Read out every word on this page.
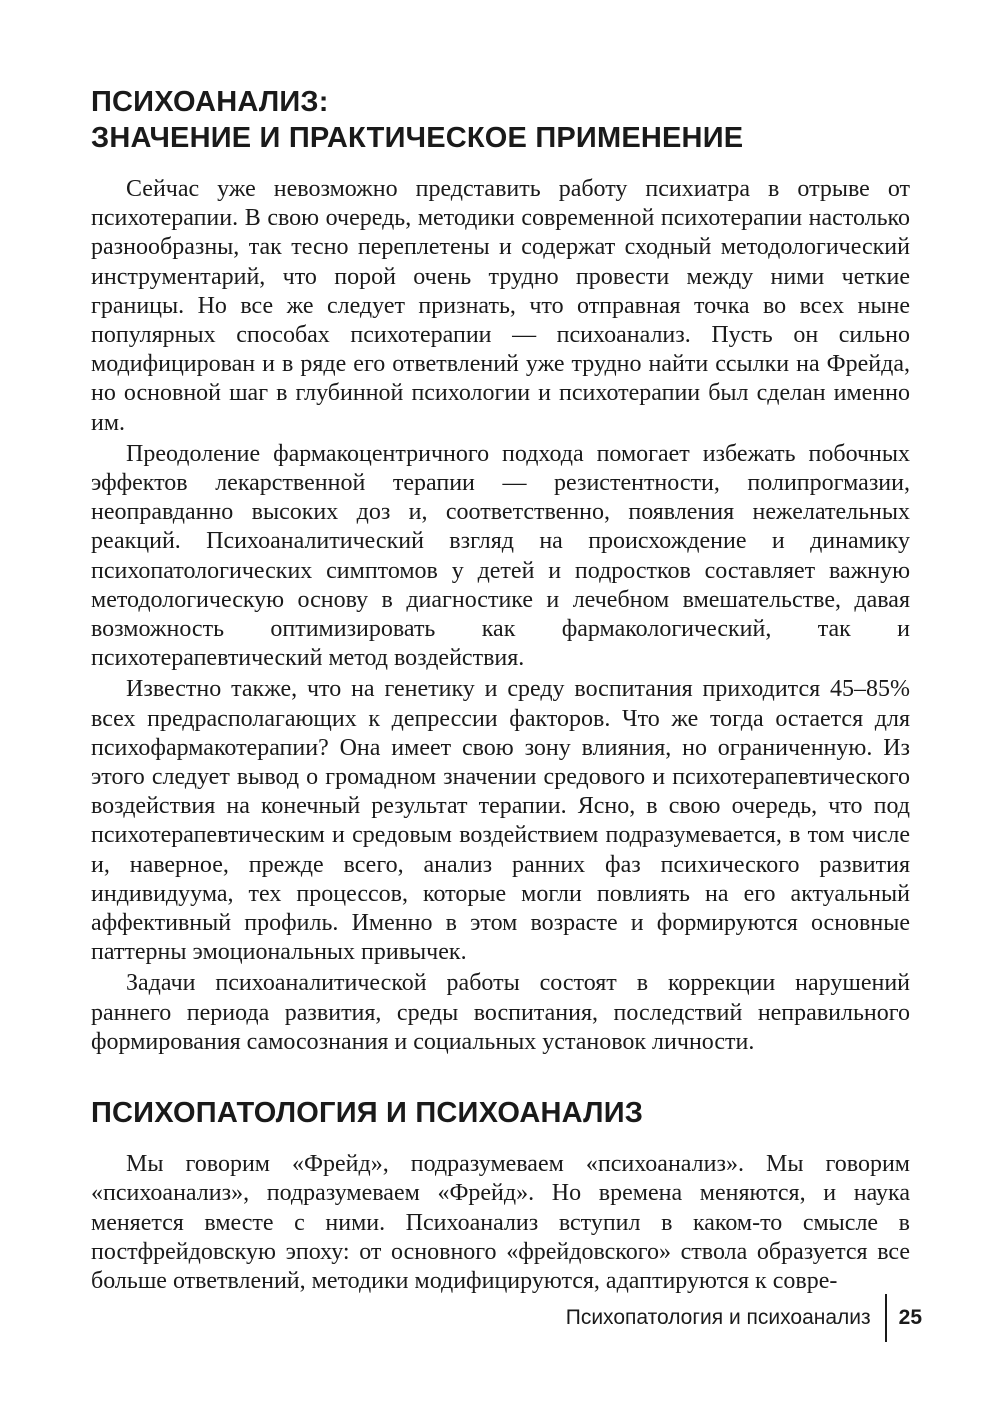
ПСИХОАНАЛИЗ:
ЗНАЧЕНИЕ И ПРАКТИЧЕСКОЕ ПРИМЕНЕНИЕ

Сейчас уже невозможно представить работу психиатра в отрыве от психотерапии. В свою очередь, методики современной психотерапии настолько разнообразны, так тесно переплетены и содержат сходный методологический инструментарий, что порой очень трудно провести между ними четкие границы. Но все же следует признать, что отправная точка во всех ныне популярных способах психотерапии — психоанализ. Пусть он сильно модифицирован и в ряде его ответвлений уже трудно найти ссылки на Фрейда, но основной шаг в глубинной психологии и психотерапии был сделан именно им.

Преодоление фармакоцентричного подхода помогает избежать побочных эффектов лекарственной терапии — резистентности, полипрогмазии, неоправданно высоких доз и, соответственно, появления нежелательных реакций. Психоаналитический взгляд на происхождение и динамику психопатологических симптомов у детей и подростков составляет важную методологическую основу в диагностике и лечебном вмешательстве, давая возможность оптимизировать как фармакологический, так и психотерапевтический метод воздействия.

Известно также, что на генетику и среду воспитания приходится 45–85% всех предрасполагающих к депрессии факторов. Что же тогда остается для психофармакотерапии? Она имеет свою зону влияния, но ограниченную. Из этого следует вывод о громадном значении средового и психотерапевтического воздействия на конечный результат терапии. Ясно, в свою очередь, что под психотерапевтическим и средовым воздействием подразумевается, в том числе и, наверное, прежде всего, анализ ранних фаз психического развития индивидуума, тех процессов, которые могли повлиять на его актуальный аффективный профиль. Именно в этом возрасте и формируются основные паттерны эмоциональных привычек.

Задачи психоаналитической работы состоят в коррекции нарушений раннего периода развития, среды воспитания, последствий неправильного формирования самосознания и социальных установок личности.

ПСИХОПАТОЛОГИЯ И ПСИХОАНАЛИЗ

Мы говорим «Фрейд», подразумеваем «психоанализ». Мы говорим «психоанализ», подразумеваем «Фрейд». Но времена меняются, и наука меняется вместе с ними. Психоанализ вступил в каком-то смысле в постфрейдовскую эпоху: от основного «фрейдовского» ствола образуется все больше ответвлений, методики модифицируются, адаптируются к совре-

Психопатология и психоанализ	25
